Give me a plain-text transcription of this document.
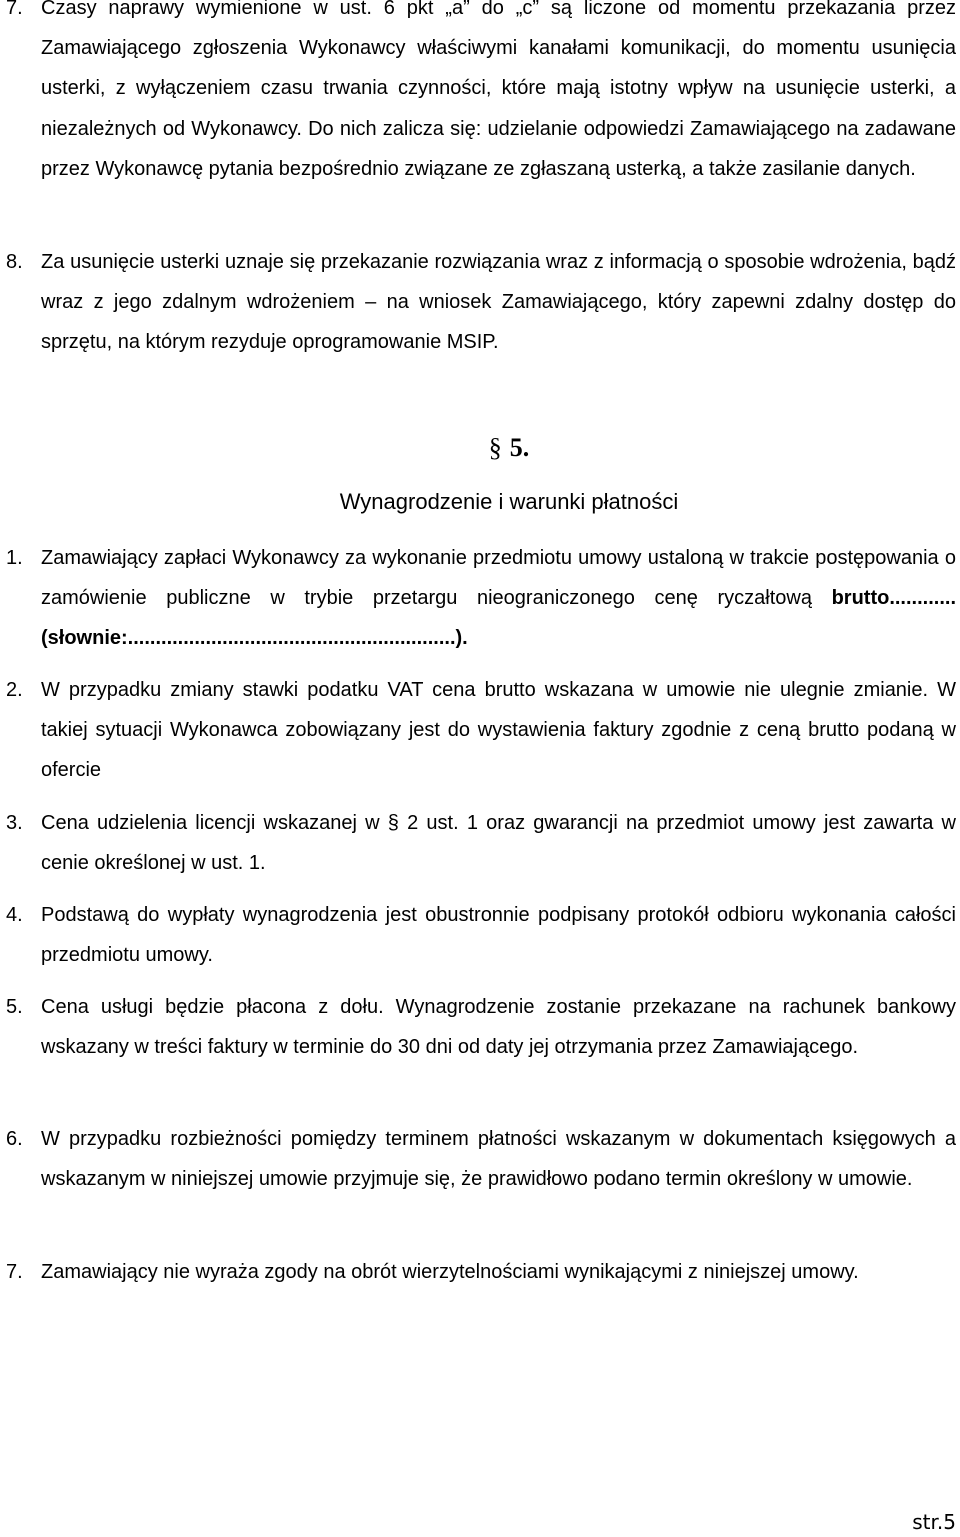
7. Czasy naprawy wymienione w ust. 6 pkt „a” do „c” są liczone od momentu przekazania przez Zamawiającego zgłoszenia Wykonawcy właściwymi kanałami komunikacji, do momentu usunięcia usterki, z wyłączeniem czasu trwania czynności, które mają istotny wpływ na usunięcie usterki, a niezależnych od Wykonawcy. Do nich zalicza się: udzielanie odpowiedzi Zamawiającego na zadawane przez Wykonawcę pytania bezpośrednio związane ze zgłaszaną usterką, a także zasilanie danych.
8. Za usunięcie usterki uznaje się przekazanie rozwiązania wraz z informacją o sposobie wdrożenia, bądź wraz z jego zdalnym wdrożeniem – na wniosek Zamawiającego, który zapewni zdalny dostęp do sprzętu, na którym rezyduje oprogramowanie MSIP.
§ 5.
Wynagrodzenie i warunki płatności
1. Zamawiający zapłaci Wykonawcy za wykonanie przedmiotu umowy ustaloną w trakcie postępowania o zamówienie publiczne w trybie przetargu nieograniczonego cenę ryczałtową brutto............ (słownie:...........................................................).
2. W przypadku zmiany stawki podatku VAT cena brutto wskazana w umowie nie ulegnie zmianie. W takiej sytuacji Wykonawca zobowiązany jest do wystawienia faktury zgodnie z ceną brutto podaną w ofercie
3. Cena udzielenia licencji wskazanej w § 2 ust. 1 oraz gwarancji na przedmiot umowy jest zawarta w cenie określonej w ust. 1.
4. Podstawą do wypłaty wynagrodzenia jest obustronnie podpisany protokół odbioru wykonania całości przedmiotu umowy.
5. Cena usługi będzie płacona z dołu. Wynagrodzenie zostanie przekazane na rachunek bankowy wskazany w treści faktury w terminie do 30 dni od daty jej otrzymania przez Zamawiającego.
6. W przypadku rozbieżności pomiędzy terminem płatności wskazanym w dokumentach księgowych a wskazanym w niniejszej umowie przyjmuje się, że prawidłowo podano termin określony w umowie.
7. Zamawiający nie wyraża zgody na obrót wierzytelnościami wynikającymi z niniejszej umowy.
str.5
